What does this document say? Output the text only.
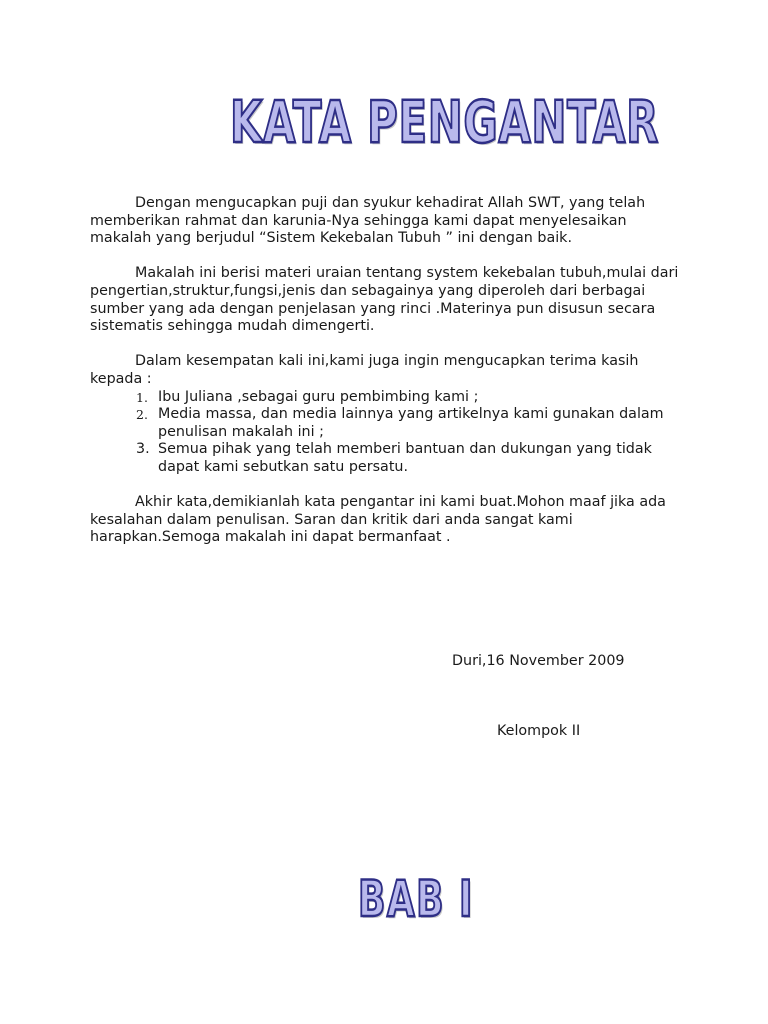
KATA PENGANTAR

Dengan mengucapkan puji dan syukur kehadirat Allah SWT, yang telah memberikan rahmat dan karunia-Nya sehingga kami dapat menyelesaikan makalah yang berjudul “Sistem Kekebalan Tubuh ” ini dengan baik.

Makalah ini berisi materi uraian tentang system kekebalan tubuh,mulai dari pengertian,struktur,fungsi,jenis dan sebagainya yang diperoleh dari berbagai sumber yang ada dengan penjelasan yang rinci .Materinya pun disusun secara sistematis sehingga mudah dimengerti.

Dalam kesempatan kali ini,kami juga ingin mengucapkan terima kasih kepada :

1. Ibu Juliana ,sebagai guru pembimbing kami ;
2. Media massa, dan media lainnya yang artikelnya kami gunakan dalam penulisan makalah ini ;
3. Semua pihak yang telah memberi bantuan dan dukungan yang tidak dapat kami sebutkan satu persatu.

Akhir kata,demikianlah kata pengantar ini kami buat.Mohon maaf jika ada kesalahan dalam penulisan. Saran dan kritik dari anda sangat kami harapkan.Semoga makalah ini dapat bermanfaat .

Duri,16 November 2009
Kelompok II
BAB I
